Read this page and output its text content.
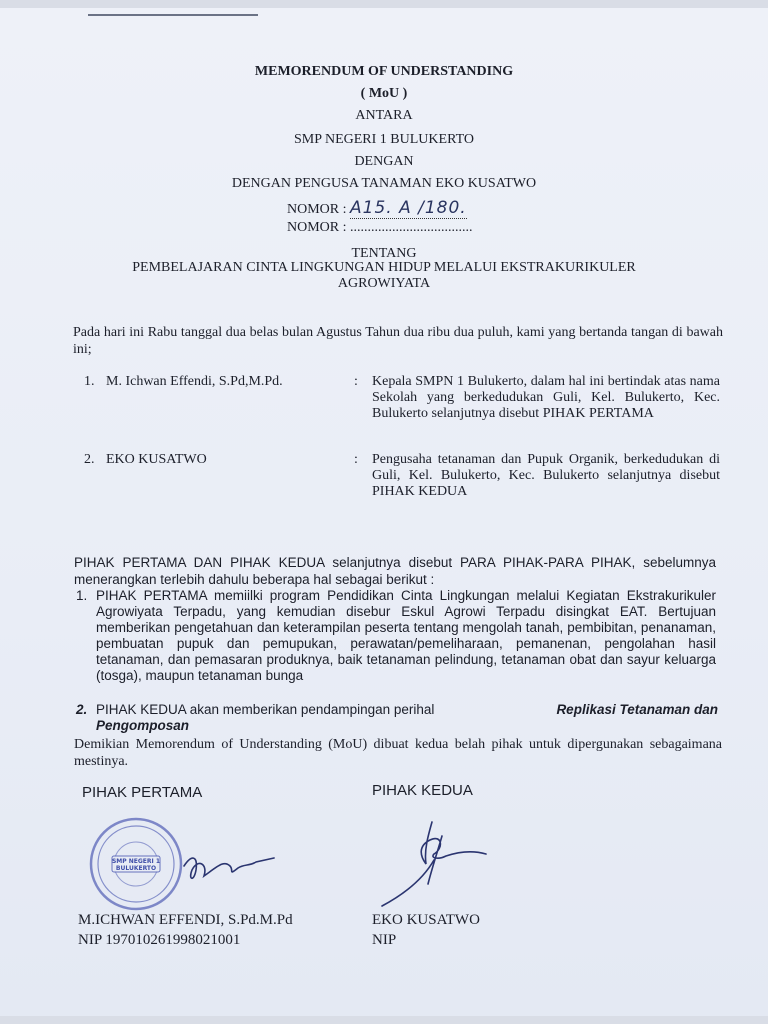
MEMORENDUM OF UNDERSTANDING
( MoU )
ANTARA
SMP NEGERI 1 BULUKERTO
DENGAN
DENGAN PENGUSA TANAMAN EKO KUSATWO
NOMOR : A15. A /180.
NOMOR : ...................................
TENTANG
PEMBELAJARAN CINTA LINGKUNGAN HIDUP MELALUI EKSTRAKURIKULER
AGROWIYATA
Pada hari ini Rabu tanggal dua belas bulan Agustus Tahun dua ribu dua puluh, kami yang bertanda tangan di bawah ini;
1. M. Ichwan Effendi, S.Pd,M.Pd.	: Kepala SMPN 1 Bulukerto, dalam hal ini bertindak atas nama Sekolah yang berkedudukan Guli, Kel. Bulukerto, Kec. Bulukerto selanjutnya disebut PIHAK PERTAMA
2. EKO KUSATWO	: Pengusaha tetanaman dan Pupuk Organik, berkedudukan di Guli, Kel. Bulukerto, Kec. Bulukerto selanjutnya disebut PIHAK KEDUA
PIHAK PERTAMA DAN PIHAK KEDUA selanjutnya disebut PARA PIHAK-PARA PIHAK, sebelumnya menerangkan terlebih dahulu beberapa hal sebagai berikut :
1. PIHAK PERTAMA memiilki program Pendidikan Cinta Lingkungan melalui Kegiatan Ekstrakurikuler Agrowiyata Terpadu, yang kemudian disebur Eskul Agrowi Terpadu disingkat EAT. Bertujuan memberikan pengetahuan dan keterampilan peserta tentang mengolah tanah, pembibitan, penanaman, pembuatan pupuk dan pemupukan, perawatan/pemeliharaan, pemanenan, pengolahan hasil tetanaman, dan pemasaran produknya, baik tetanaman pelindung, tetanaman obat dan sayur keluarga (tosga), maupun tetanaman bunga
2. PIHAK KEDUA akan memberikan pendampingan perihal	Replikasi Tetanaman dan

Pengomposan
Demikian Memorendum of Understanding (MoU) dibuat kedua belah pihak untuk dipergunakan sebagaimana mestinya.
PIHAK PERTAMA	PIHAK KEDUA
SMP NEGERI 1
BULUKERTO
M.ICHWAN EFFENDI, S.Pd.M.Pd
NIP 197010261998021001
EKO KUSATWO
NIP
